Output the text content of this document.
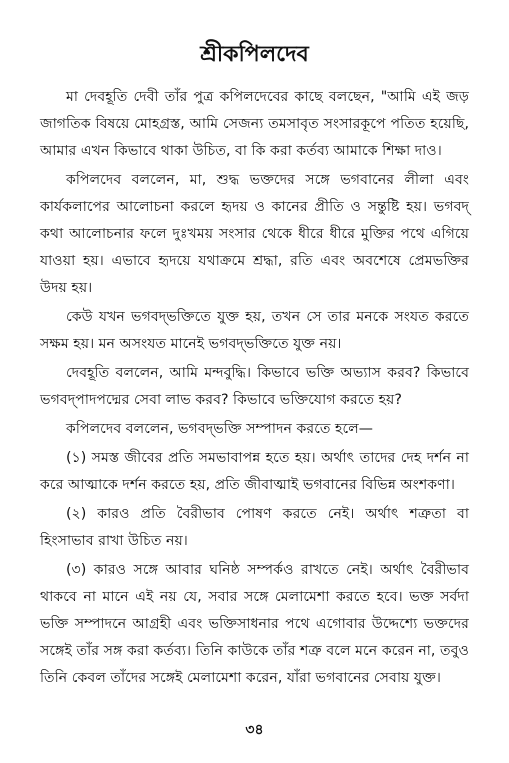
শ্রীকপিলদেব

মা দেবহূতি দেবী তাঁর পুত্র কপিলদেবের কাছে বলছেন, "আমি এই জড় জাগতিক বিষয়ে মোহগ্রস্ত, আমি সেজন্য তমসাবৃত সংসারকূপে পতিত হয়েছি, আমার এখন কিভাবে থাকা উচিত, বা কি করা কর্তব্য আমাকে শিক্ষা দাও।

কপিলদেব বললেন, মা, শুদ্ধ ভক্তদের সঙ্গে ভগবানের লীলা এবং কার্যকলাপের আলোচনা করলে হৃদয় ও কানের প্রীতি ও সন্তুষ্টি হয়। ভগবদ্‌ কথা আলোচনার ফলে দুঃখময় সংসার থেকে ধীরে ধীরে মুক্তির পথে এগিয়ে যাওয়া হয়। এভাবে হৃদয়ে যথাক্রমে শ্রদ্ধা, রতি এবং অবশেষে প্রেমভক্তির উদয় হয়।

কেউ যখন ভগবদ্‌ভক্তিতে যুক্ত হয়, তখন সে তার মনকে সংযত করতে সক্ষম হয়। মন অসংযত মানেই ভগবদ্‌ভক্তিতে যুক্ত নয়।

দেবহূতি বললেন, আমি মন্দবুদ্ধি। কিভাবে ভক্তি অভ্যাস করব? কিভাবে ভগবদ্‌পাদপদ্মের সেবা লাভ করব? কিভাবে ভক্তিযোগ করতে হয়?

কপিলদেব বললেন, ভগবদ্‌ভক্তি সম্পাদন করতে হলে—

(১) সমস্ত জীবের প্রতি সমভাবাপন্ন হতে হয়। অর্থাৎ তাদের দেহ দর্শন না করে আত্মাকে দর্শন করতে হয়, প্রতি জীবাত্মাই ভগবানের বিভিন্ন অংশকণা।

(২) কারও প্রতি বৈরীভাব পোষণ করতে নেই। অর্থাৎ শত্রুতা বা হিংসাভাব রাখা উচিত নয়।

(৩) কারও সঙ্গে আবার ঘনিষ্ঠ সম্পর্কও রাখতে নেই। অর্থাৎ বৈরীভাব থাকবে না মানে এই নয় যে, সবার সঙ্গে মেলামেশা করতে হবে। ভক্ত সর্বদা ভক্তি সম্পাদনে আগ্রহী এবং ভক্তিসাধনার পথে এগোবার উদ্দেশ্যে ভক্তদের সঙ্গেই তাঁর সঙ্গ করা কর্তব্য। তিনি কাউকে তাঁর শত্রু বলে মনে করেন না, তবুও তিনি কেবল তাঁদের সঙ্গেই মেলামেশা করেন, যাঁরা ভগবানের সেবায় যুক্ত।

৩৪
